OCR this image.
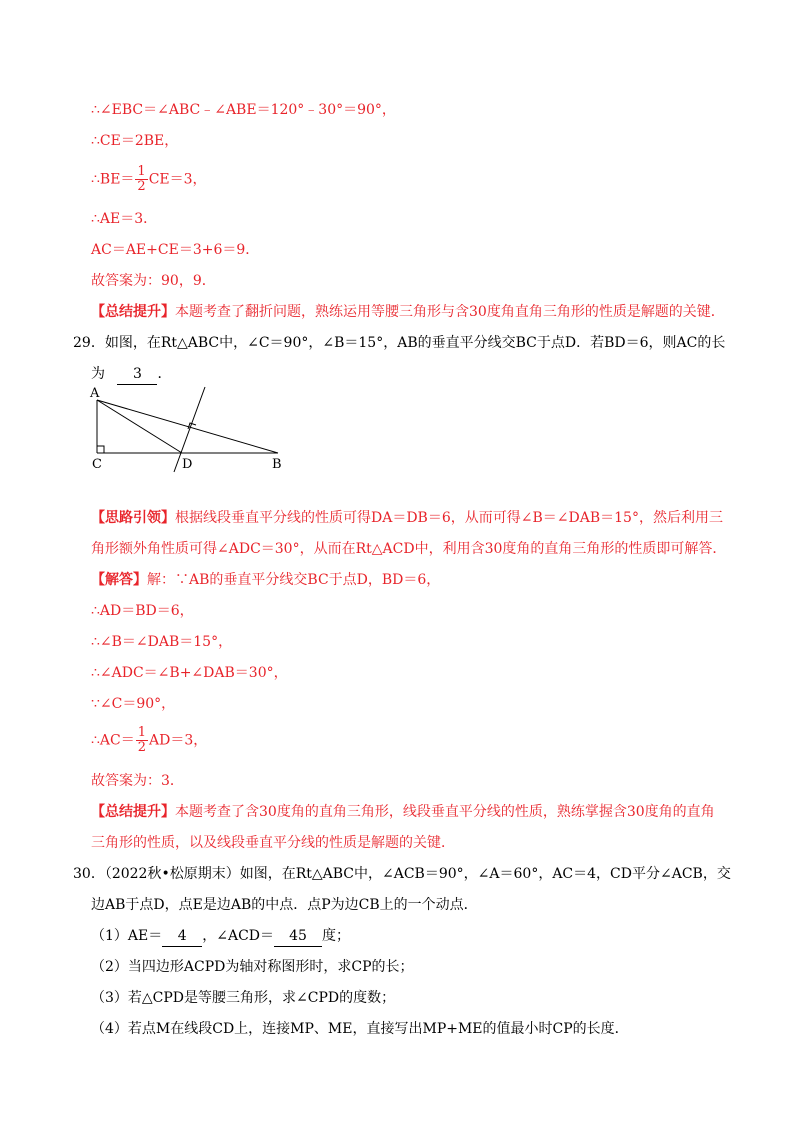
∴∠EBC＝∠ABC﹣∠ABE＝120°﹣30°＝90°，
∴CE＝2BE，
∴BE＝ $\frac{1}{2} CE=3$，
∴AE＝3．
AC＝AE+CE＝3+6＝9．
故答案为：90，9．
【总结提升】本题考查了翻折问题，熟练运用等腰三角形与含30度角直角三角形的性质是解题的关键．
29．如图，在Rt△ABC中，∠C＝90°，∠B＝15°，AB的垂直平分线交BC于点D．若BD＝6，则AC的长
为 3 ．
A
C	D	B
【思路引领】根据线段垂直平分线的性质可得DA＝DB＝6，从而可得∠B＝∠DAB＝15°，然后利用三
角形额外角性质可得∠ADC＝30°，从而在Rt△ACD中，利用含30度角的直角三角形的性质即可解答．
【解答】解：∵AB的垂直平分线交BC于点D，BD＝6，
∴AD＝BD＝6，
∴∠B＝∠DAB＝15°，
∴∠ADC＝∠B+∠DAB＝30°，
∵∠C＝90°，
∴AC＝ $\frac{1}{2} AD=3$，
故答案为：3．
【总结提升】本题考查了含30度角的直角三角形，线段垂直平分线的性质，熟练掌握含30度角的直角
三角形的性质，以及线段垂直平分线的性质是解题的关键．
30．（2022秋•松原期末）如图，在Rt△ABC中，∠ACB＝90°，∠A＝60°，AC＝4，CD平分∠ACB，交
边AB于点D，点E是边AB的中点．点P为边CB上的一个动点．
（1）AE＝ 4 ，∠ACD＝ 45 度；
（2）当四边形ACPD为轴对称图形时，求CP的长；
（3）若△CPD是等腰三角形，求∠CPD的度数；
（4）若点M在线段CD上，连接MP、ME，直接写出MP+ME的值最小时CP的长度．
